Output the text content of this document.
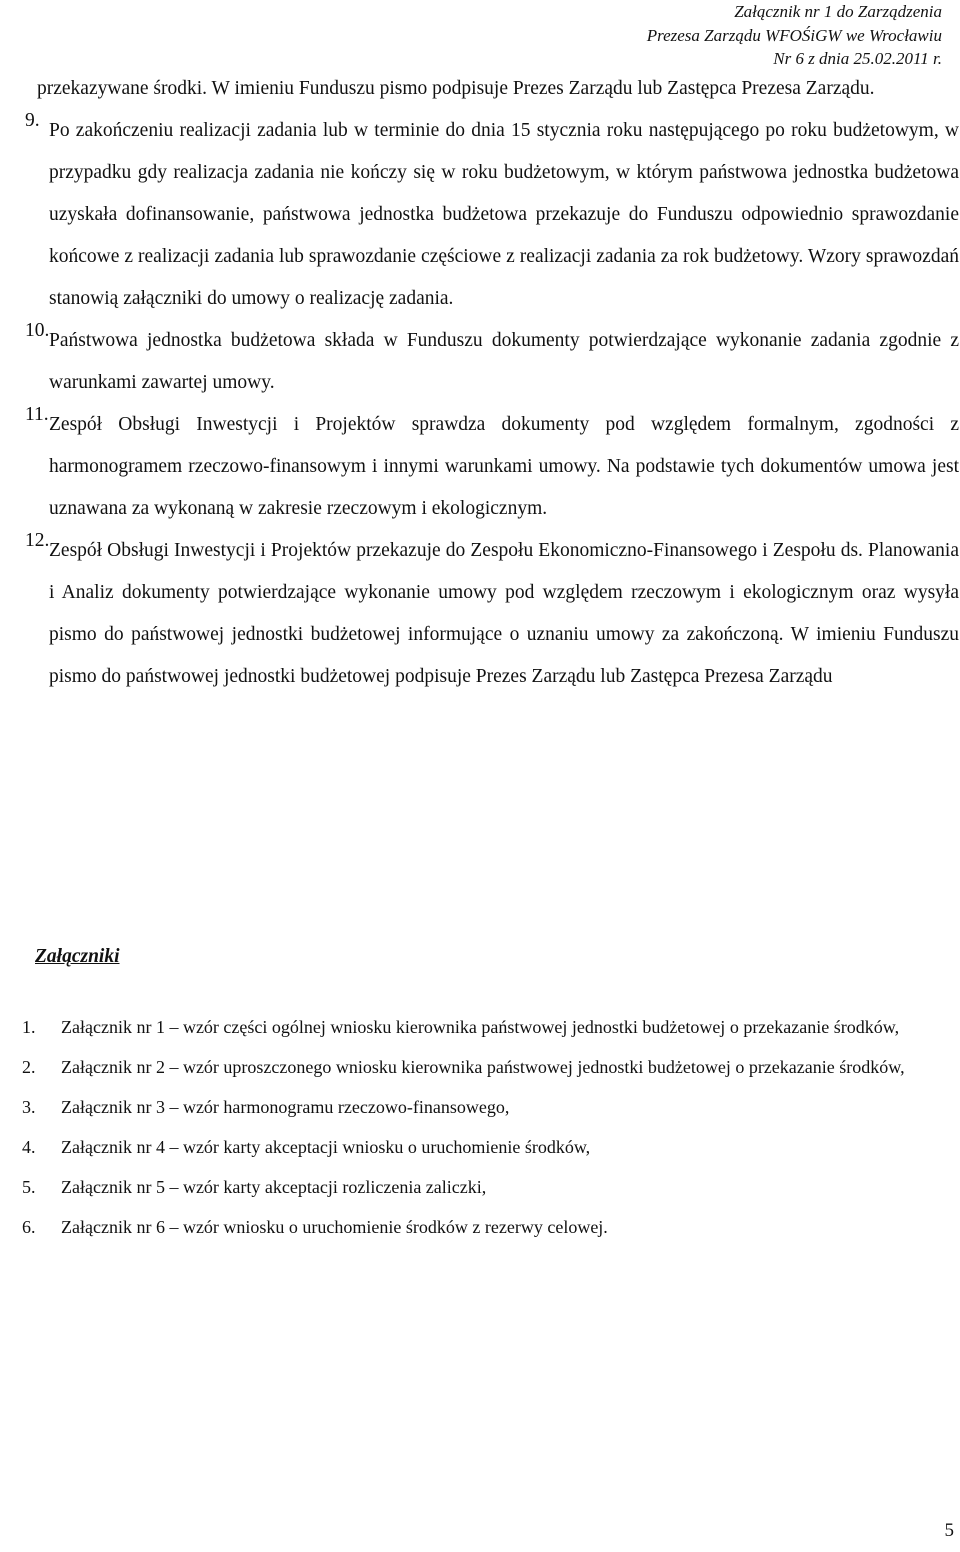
Załącznik nr 1 do Zarządzenia
Prezesa Zarządu WFOŚiGW we Wrocławiu
Nr 6 z dnia 25.02.2011 r.

przekazywane środki. W imieniu Funduszu pismo podpisuje Prezes Zarządu lub Zastępca Prezesa Zarządu.

9. Po zakończeniu realizacji zadania lub w terminie do dnia 15 stycznia roku następującego po roku budżetowym, w przypadku gdy realizacja zadania nie kończy się w roku budżetowym, w którym państwowa jednostka budżetowa uzyskała dofinansowanie, państwowa jednostka budżetowa przekazuje do Funduszu odpowiednio sprawozdanie końcowe z realizacji zadania lub sprawozdanie częściowe z realizacji zadania za rok budżetowy. Wzory sprawozdań stanowią załączniki do umowy o realizację zadania.

10. Państwowa jednostka budżetowa składa w Funduszu dokumenty potwierdzające wykonanie zadania zgodnie z warunkami zawartej umowy.

11. Zespół Obsługi Inwestycji i Projektów sprawdza dokumenty pod względem formalnym, zgodności z harmonogramem rzeczowo-finansowym i innymi warunkami umowy. Na podstawie tych dokumentów umowa jest uznawana za wykonaną w zakresie rzeczowym i ekologicznym.

12. Zespół Obsługi Inwestycji i Projektów przekazuje do Zespołu Ekonomiczno-Finansowego i Zespołu ds. Planowania i Analiz dokumenty potwierdzające wykonanie umowy pod względem rzeczowym i ekologicznym oraz wysyła pismo do państwowej jednostki budżetowej informujące o uznaniu umowy za zakończoną. W imieniu Funduszu pismo do państwowej jednostki budżetowej podpisuje Prezes Zarządu lub Zastępca Prezesa Zarządu

Załączniki
1. Załącznik nr 1 – wzór części ogólnej wniosku kierownika państwowej jednostki budżetowej o przekazanie środków,
2. Załącznik nr 2 – wzór uproszczonego wniosku kierownika państwowej jednostki budżetowej o przekazanie środków,
3. Załącznik nr 3 – wzór harmonogramu rzeczowo-finansowego,
4. Załącznik nr 4 – wzór karty akceptacji wniosku o uruchomienie środków,
5. Załącznik nr 5 – wzór karty akceptacji rozliczenia zaliczki,
6. Załącznik nr 6 – wzór wniosku o uruchomienie środków z rezerwy celowej.
5
